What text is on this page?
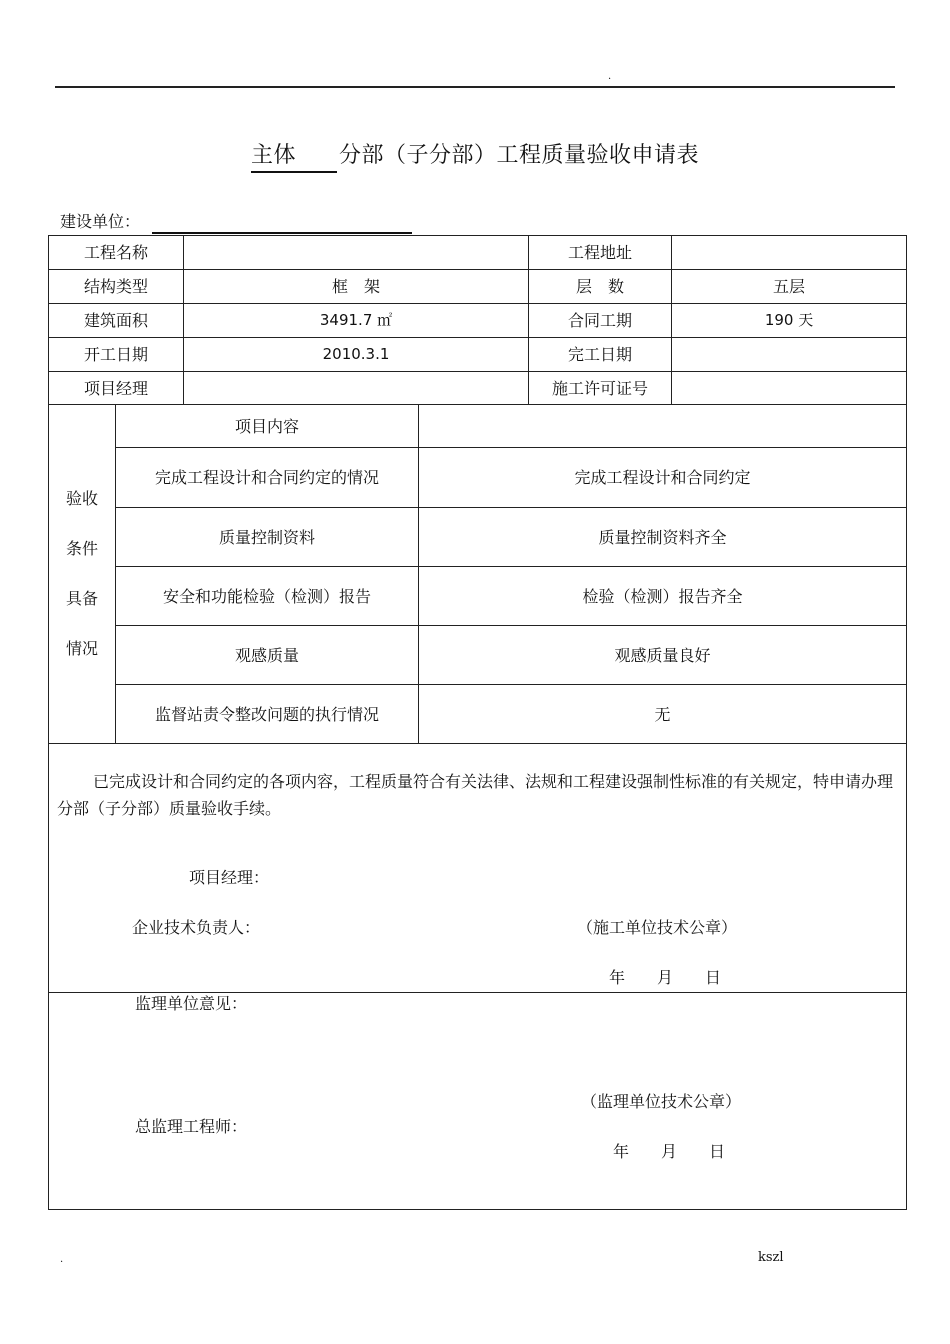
.
主体 分部（子分部）工程质量验收申请表
建设单位：
工程名称				工程地址	
结构类型		框　架		层　数	五层
建筑面积		3491.7 ㎡		合同工期	190 天
开工日期		2010.3.1		完工日期	
项目经理				施工许可证号	
验收
条件
具备
情况	项目内容				
	完成工程设计和合同约定的情况		完成工程设计和合同约定		
	质量控制资料		质量控制资料齐全		
	安全和功能检验（检测）报告		检验（检测）报告齐全		
	观感质量		观感质量良好		
	监督站责令整改问题的执行情况		无		

已完成设计和合同约定的各项内容，工程质量符合有关法律、法规和工程建设强制性标准的有关规定，特申请办理分部（子分部）质量验收手续。
项目经理：
企业技术负责人： （施工单位技术公章）
年　　月　　日					

监理单位意见：
（监理单位技术公章）
总监理工程师：
年　　月　　日					
.	kszl
